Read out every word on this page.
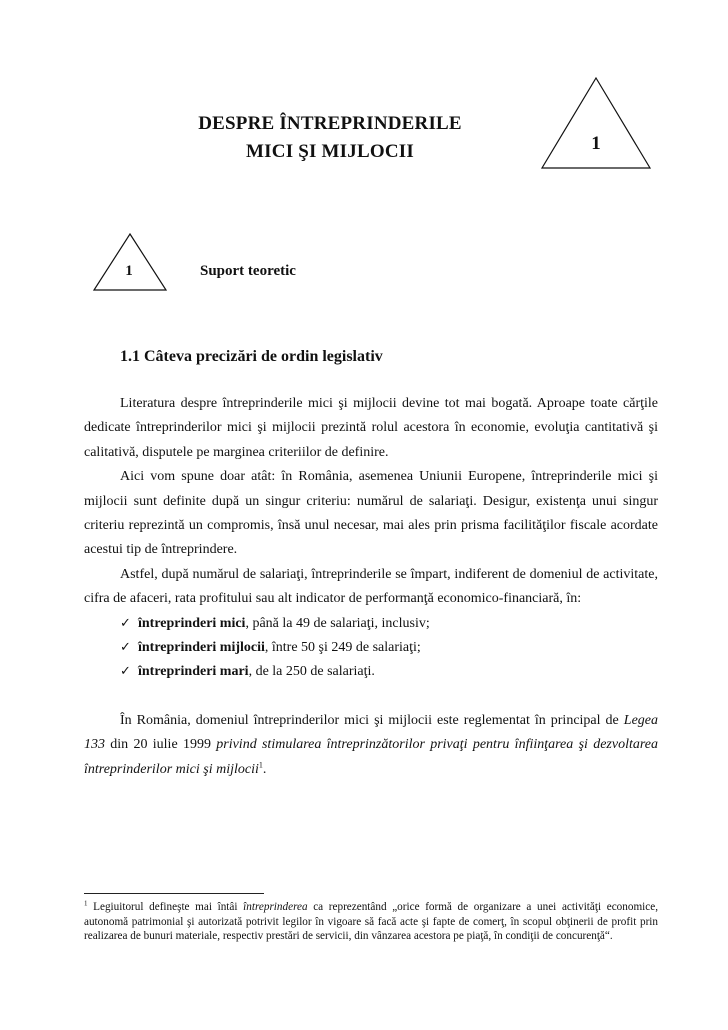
DESPRE ÎNTREPRINDERILE
MICI ŞI MIJLOCII	1
1	Suport teoretic
1.1 Câteva precizări de ordin legislativ

Literatura despre întreprinderile mici şi mijlocii devine tot mai bogată. Aproape toate cărţile dedicate întreprinderilor mici şi mijlocii prezintă rolul acestora în economie, evoluţia cantitativă şi calitativă, disputele pe marginea criteriilor de definire.

Aici vom spune doar atât: în România, asemenea Uniunii Europene, întreprinderile mici şi mijlocii sunt definite după un singur criteriu: numărul de salariaţi. Desigur, existenţa unui singur criteriu reprezintă un compromis, însă unul necesar, mai ales prin prisma facilităţilor fiscale acordate acestui tip de întreprindere.

Astfel, după numărul de salariaţi, întreprinderile se împart, indiferent de domeniul de activitate, cifra de afaceri, rata profitului sau alt indicator de performanţă economico-financiară, în:

✓ întreprinderi mici, până la 49 de salariaţi, inclusiv;
✓ întreprinderi mijlocii, între 50 şi 249 de salariaţi;
✓ întreprinderi mari, de la 250 de salariaţi.

În România, domeniul întreprinderilor mici şi mijlocii este reglementat în principal de Legea 133 din 20 iulie 1999 privind stimularea întreprinzătorilor privaţi pentru înfiinţarea şi dezvoltarea întreprinderilor mici şi mijlocii$^1$.

$^1$ Legiuitorul defineşte mai întâi întreprinderea ca reprezentând „orice formă de organizare a unei activităţi economice, autonomă patrimonial şi autorizată potrivit legilor în vigoare să facă acte şi fapte de comerţ, în scopul obţinerii de profit prin realizarea de bunuri materiale, respectiv prestări de servicii, din vânzarea acestora pe piaţă, în condiţii de concurenţă“.
